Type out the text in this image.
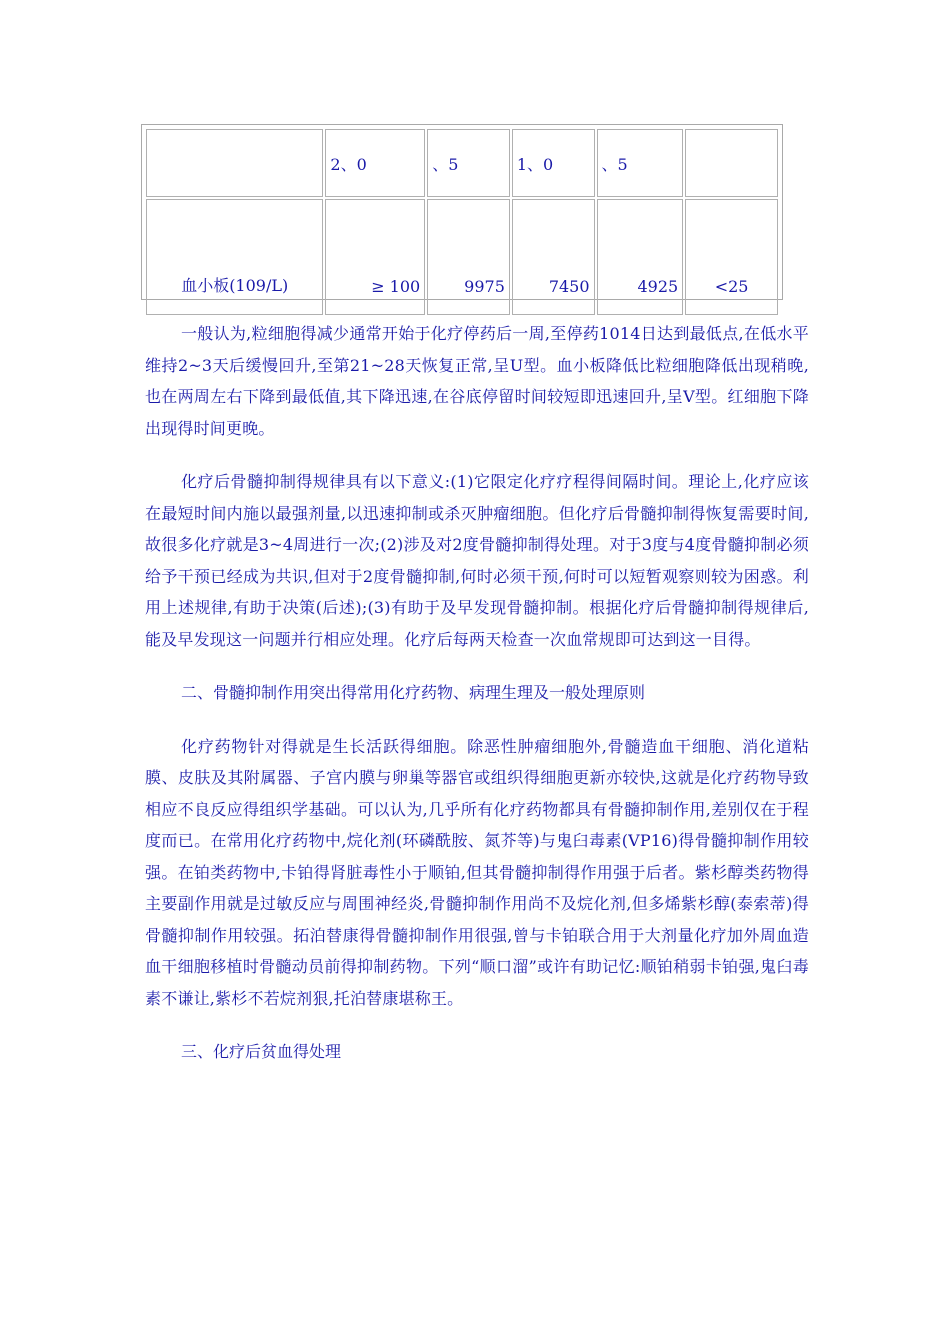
	2、0	、5	1、0	、5	
血小板(109/L)	≥ 100	9975	7450	4925	<25

一般认为,粒细胞得减少通常开始于化疗停药后一周,至停药1014日达到最低点,在低水平维持2~3天后缓慢回升,至第21~28天恢复正常,呈U型。血小板降低比粒细胞降低出现稍晚,也在两周左右下降到最低值,其下降迅速,在谷底停留时间较短即迅速回升,呈V型。红细胞下降出现得时间更晚。

化疗后骨髓抑制得规律具有以下意义:(1)它限定化疗疗程得间隔时间。理论上,化疗应该在最短时间内施以最强剂量,以迅速抑制或杀灭肿瘤细胞。但化疗后骨髓抑制得恢复需要时间,故很多化疗就是3~4周进行一次;(2)涉及对2度骨髓抑制得处理。对于3度与4度骨髓抑制必须给予干预已经成为共识,但对于2度骨髓抑制,何时必须干预,何时可以短暂观察则较为困惑。利用上述规律,有助于决策(后述);(3)有助于及早发现骨髓抑制。根据化疗后骨髓抑制得规律后,能及早发现这一问题并行相应处理。化疗后每两天检查一次血常规即可达到这一目得。

二、骨髓抑制作用突出得常用化疗药物、病理生理及一般处理原则

化疗药物针对得就是生长活跃得细胞。除恶性肿瘤细胞外,骨髓造血干细胞、消化道粘膜、皮肤及其附属器、子宫内膜与卵巢等器官或组织得细胞更新亦较快,这就是化疗药物导致相应不良反应得组织学基础。可以认为,几乎所有化疗药物都具有骨髓抑制作用,差别仅在于程度而已。在常用化疗药物中,烷化剂(环磷酰胺、氮芥等)与鬼臼毒素(VP16)得骨髓抑制作用较强。在铂类药物中,卡铂得肾脏毒性小于顺铂,但其骨髓抑制得作用强于后者。紫杉醇类药物得主要副作用就是过敏反应与周围神经炎,骨髓抑制作用尚不及烷化剂,但多烯紫杉醇(泰索蒂)得骨髓抑制作用较强。拓泊替康得骨髓抑制作用很强,曾与卡铂联合用于大剂量化疗加外周血造血干细胞移植时骨髓动员前得抑制药物。下列“顺口溜”或许有助记忆:顺铂稍弱卡铂强,鬼臼毒素不谦让,紫杉不若烷剂狠,托泊替康堪称王。

三、化疗后贫血得处理
